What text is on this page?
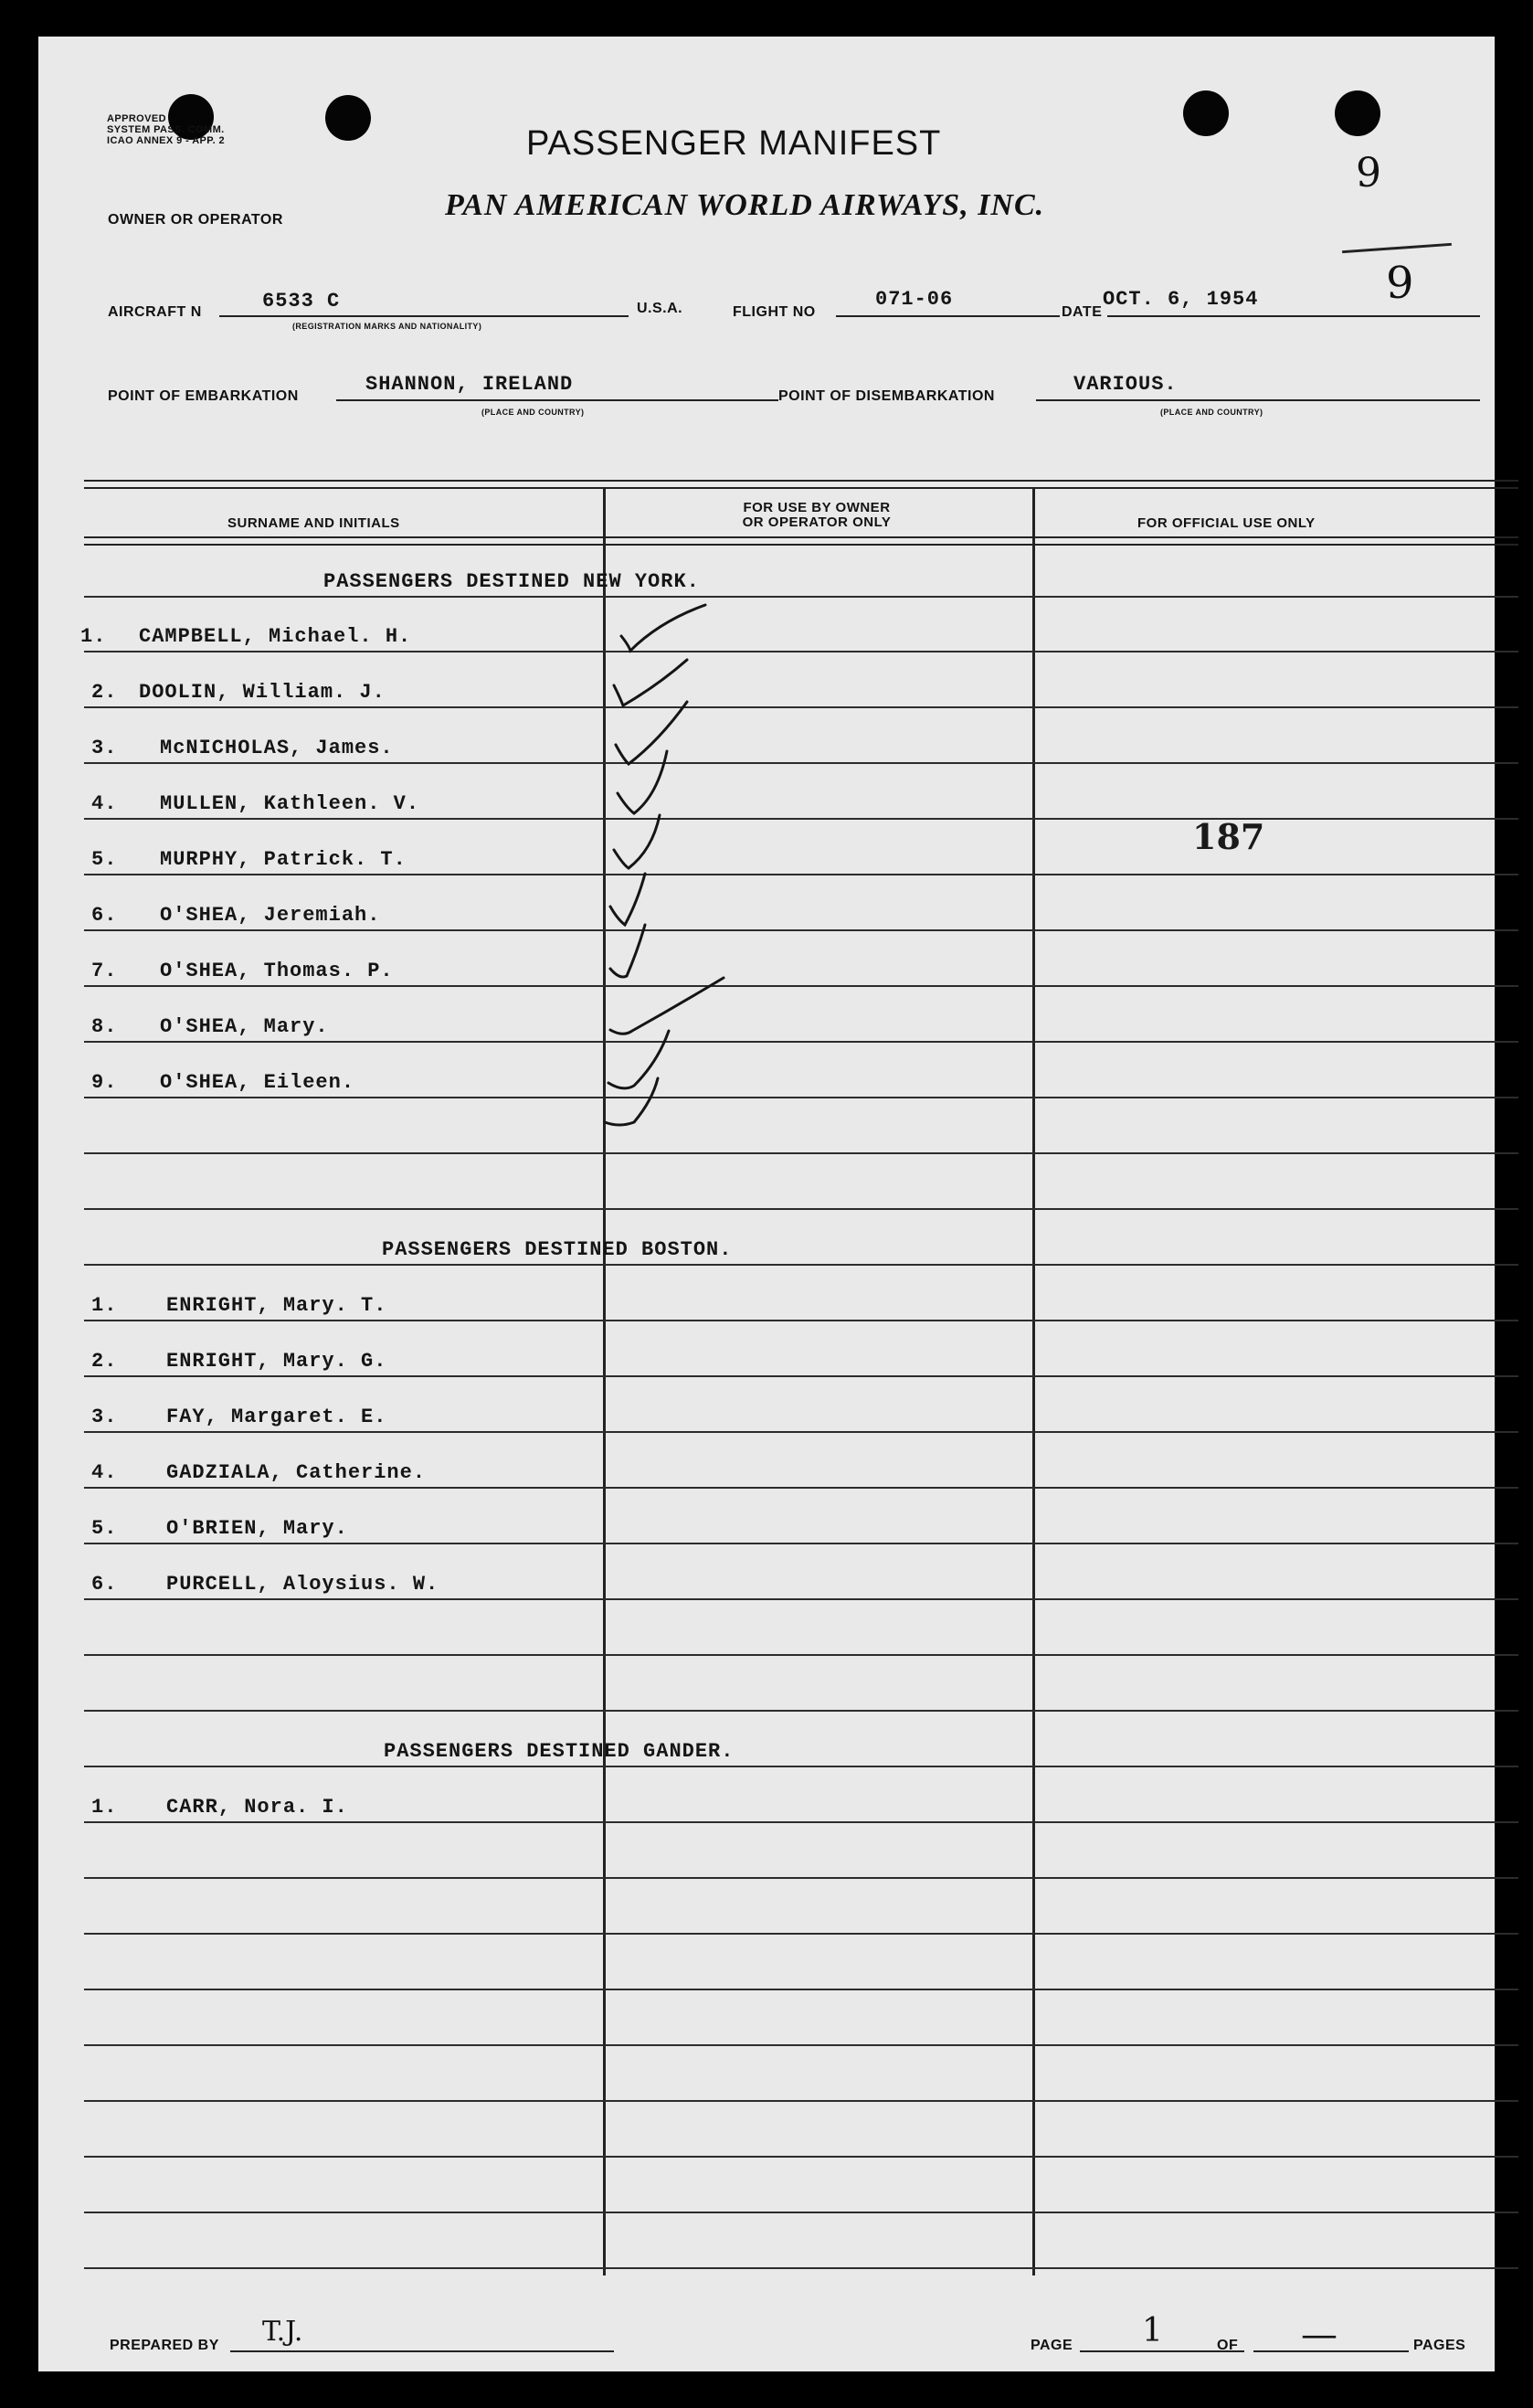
APPROVED
SYSTEM PASS. COMM.
ICAO ANNEX 9 - APP. 2	PASSENGER MANIFEST
OWNER OR OPERATOR	PAN AMERICAN WORLD AIRWAYS, INC.
9
9
AIRCRAFT N	6533 C
(REGISTRATION MARKS AND NATIONALITY)
U.S.A.	FLIGHT NO
071-06
DATE
OCT. 6, 1954
POINT OF EMBARKATION
SHANNON, IRELAND
(PLACE AND COUNTRY)
POINT OF DISEMBARKATION
VARIOUS.
(PLACE AND COUNTRY)
SURNAME AND INITIALS
FOR USE BY OWNER
OR OPERATOR ONLY	FOR OFFICIAL USE ONLY
PASSENGERS DESTINED NEW YORK.
1. CAMPBELL, Michael. H.
2. DOOLIN, William. J.
3. McNICHOLAS, James.
4. MULLEN, Kathleen. V.
5. MURPHY, Patrick. T.
6. O'SHEA, Jeremiah.
7. O'SHEA, Thomas. P.
8. O'SHEA, Mary.
9. O'SHEA, Eileen.
187
PASSENGERS DESTINED BOSTON.
1. ENRIGHT, Mary. T.
2. ENRIGHT, Mary. G.
3. FAY, Margaret. E.
4. GADZIALA, Catherine.
5. O'BRIEN, Mary.
6. PURCELL, Aloysius. W.
PASSENGERS DESTINED GANDER.
1. CARR, Nora. I.
PREPARED BY T.J.	PAGE 1	OF —	PAGES
